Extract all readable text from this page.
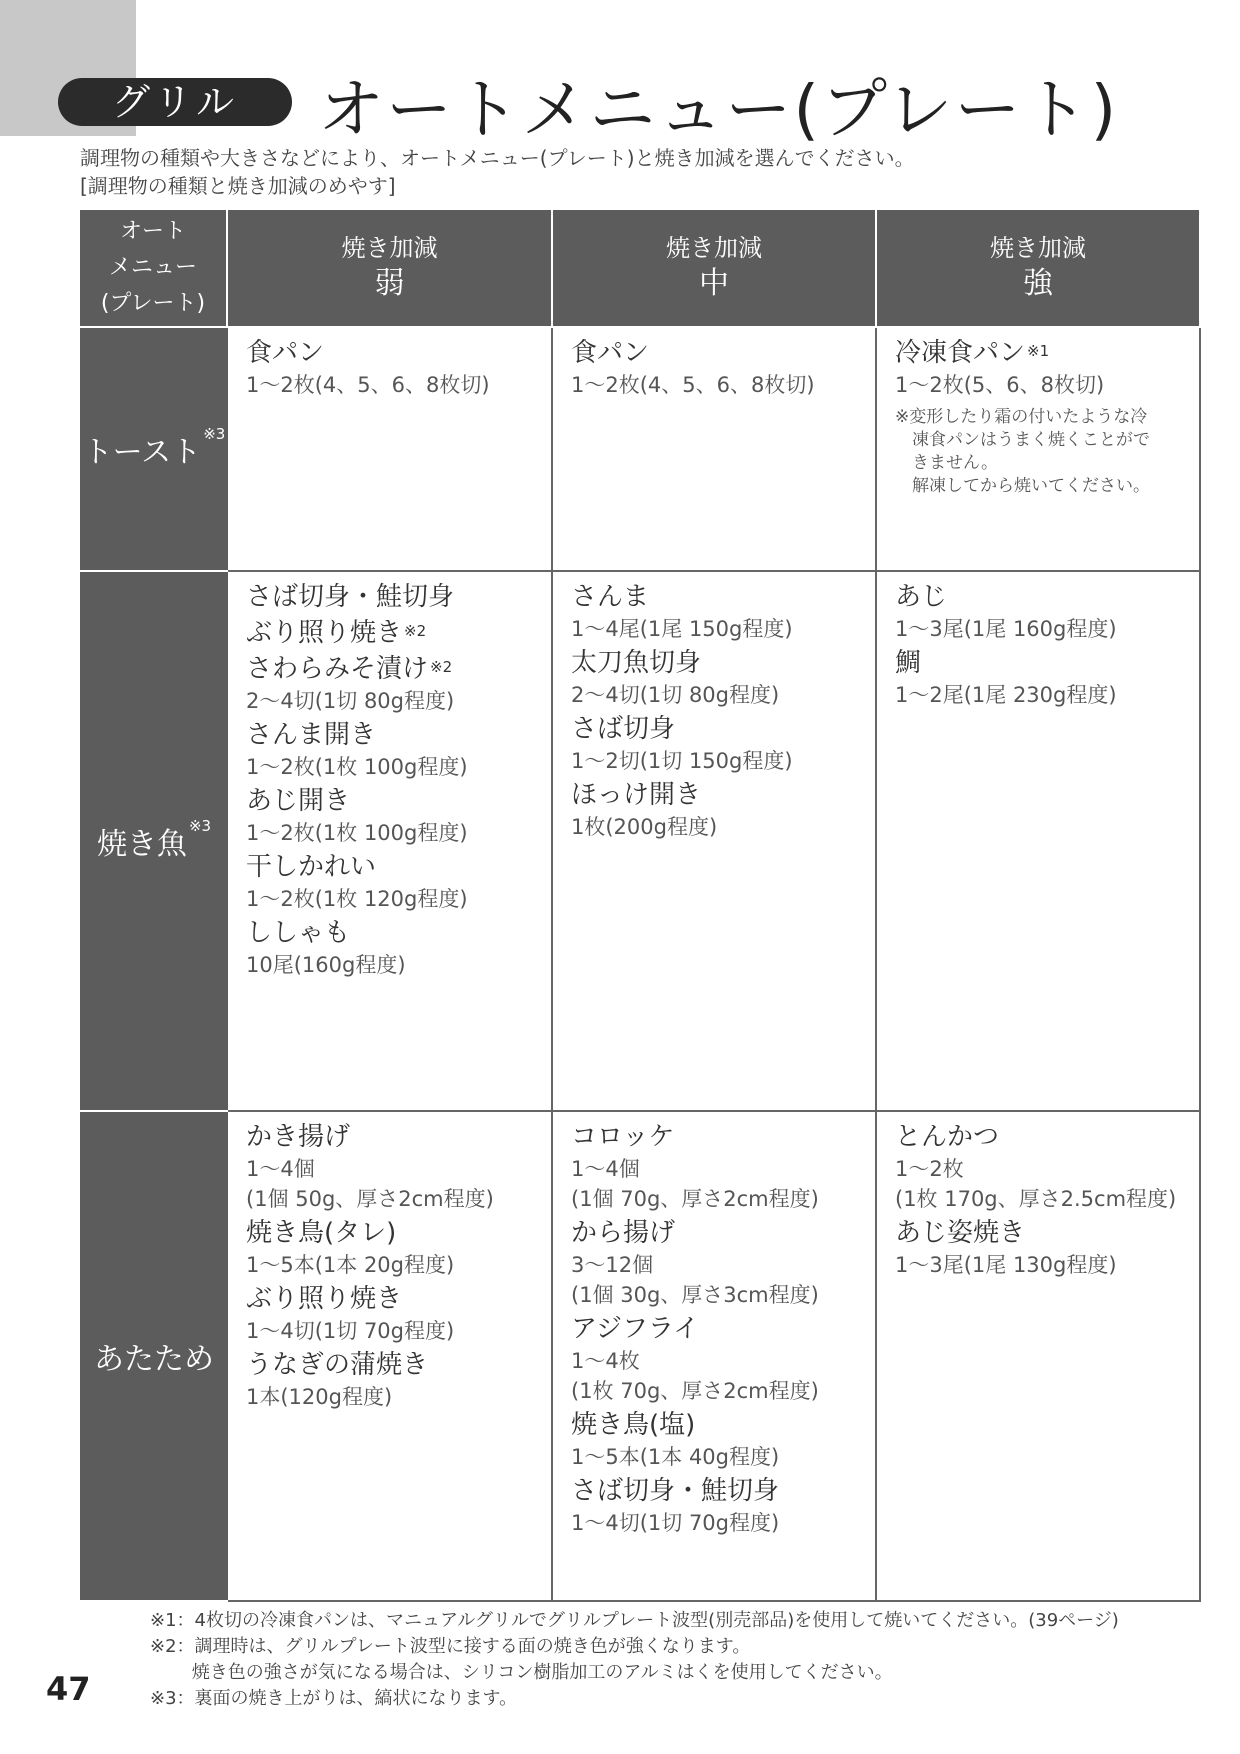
グリル	オートメニュー(プレート)
調理物の種類や大きさなどにより、オートメニュー(プレート)と焼き加減を選んでください。
[調理物の種類と焼き加減のめやす]
オート
メニュー
(プレート)
焼き加減
弱
焼き加減
中
焼き加減
強
トースト$^{※3}$
食パン
1～2枚(4、5、6、8枚切)
食パン
1～2枚(4、5、6、8枚切)
冷凍食パン $^{※1}$
1～2枚(5、6、8枚切)
※変形したり霜の付いたような冷
　凍食パンはうまく焼くことがで
　きません。
　解凍してから焼いてください。
焼き魚$^{※3}$
さば切身・鮭切身
ぶり照り焼き $^{※2}$
さわらみそ漬け $^{※2}$
2～4切(1切 80g程度)
さんま開き
1～2枚(1枚 100g程度)
あじ開き
1～2枚(1枚 100g程度)
干しかれい
1～2枚(1枚 120g程度)
ししゃも
10尾(160g程度)
さんま
1～4尾(1尾 150g程度)
太刀魚切身
2～4切(1切 80g程度)
さば切身
1～2切(1切 150g程度)
ほっけ開き
1枚(200g程度)
あじ
1～3尾(1尾 160g程度)
鯛
1～2尾(1尾 230g程度)
あたため
かき揚げ
1～4個
(1個 50g、厚さ2cm程度)
焼き鳥(タレ)
1～5本(1本 20g程度)
ぶり照り焼き
1～4切(1切 70g程度)
うなぎの蒲焼き
1本(120g程度)
コロッケ
1～4個
(1個 70g、厚さ2cm程度)
から揚げ
3～12個
(1個 30g、厚さ3cm程度)
アジフライ
1～4枚
(1枚 70g、厚さ2cm程度)
焼き鳥(塩)
1～5本(1本 40g程度)
さば切身・鮭切身
1～4切(1切 70g程度)
とんかつ
1～2枚
(1枚 170g、厚さ2.5cm程度)
あじ姿焼き
1～3尾(1尾 130g程度)
※1：4枚切の冷凍食パンは、マニュアルグリルでグリルプレート波型(別売部品)を使用して焼いてください。(39ページ)
※2：調理時は、グリルプレート波型に接する面の焼き色が強くなります。
　　 焼き色の強さが気になる場合は、シリコン樹脂加工のアルミはくを使用してください。
※3：裏面の焼き上がりは、縞状になります。
47
